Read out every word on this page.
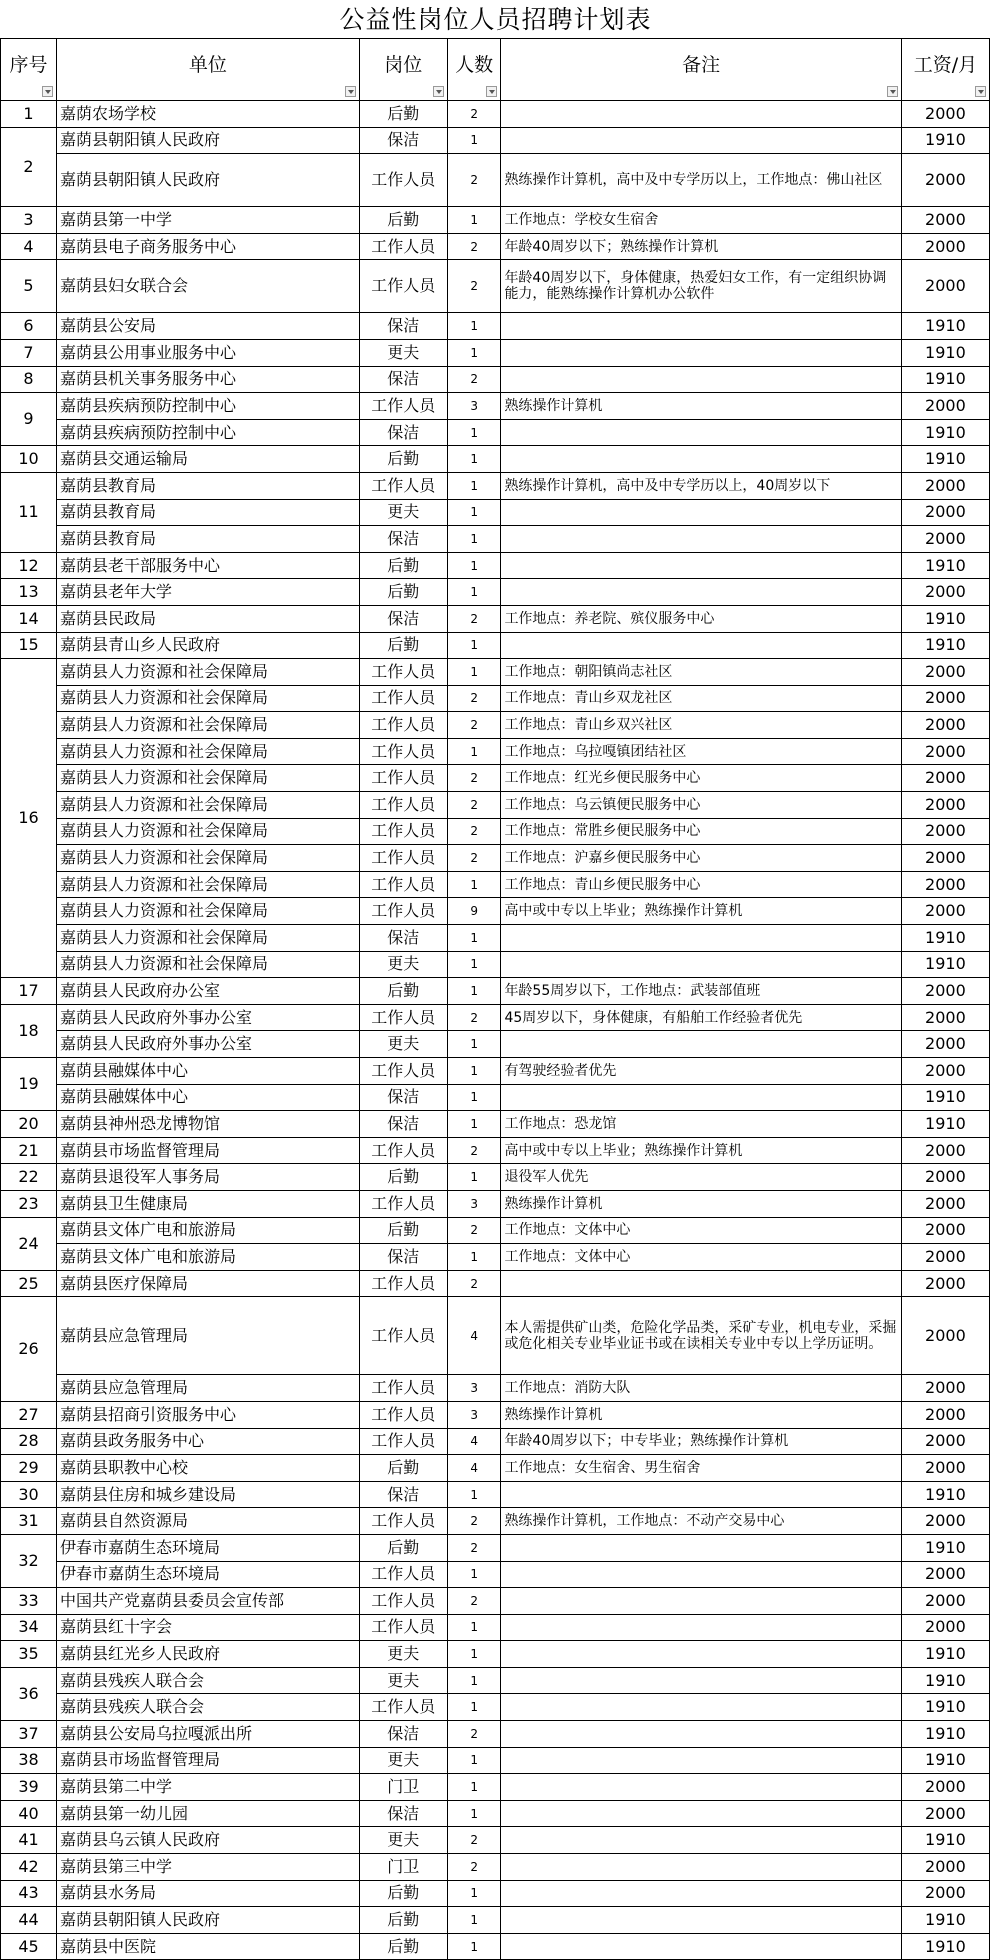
公益性岗位人员招聘计划表
序号	单位	岗位	人数	备注	工资/月

1	嘉荫农场学校	后勤	2		2000
2	嘉荫县朝阳镇人民政府	保洁	1		1910
	嘉荫县朝阳镇人民政府	工作人员	2	熟练操作计算机，高中及中专学历以上，工作地点：佛山社区	2000
3	嘉荫县第一中学	后勤	1	工作地点：学校女生宿舍	2000
4	嘉荫县电子商务服务中心	工作人员	2	年龄40周岁以下；熟练操作计算机	2000
5	嘉荫县妇女联合会	工作人员	2	年龄40周岁以下，身体健康，热爱妇女工作，有一定组织协调能力，能熟练操作计算机办公软件	2000
6	嘉荫县公安局	保洁	1		1910
7	嘉荫县公用事业服务中心	更夫	1		1910
8	嘉荫县机关事务服务中心	保洁	2		1910
9	嘉荫县疾病预防控制中心	工作人员	3	熟练操作计算机	2000
	嘉荫县疾病预防控制中心	保洁	1		1910
10	嘉荫县交通运输局	后勤	1		1910
11	嘉荫县教育局	工作人员	1	熟练操作计算机，高中及中专学历以上，40周岁以下	2000
	嘉荫县教育局	更夫	1		2000
	嘉荫县教育局	保洁	1		2000
12	嘉荫县老干部服务中心	后勤	1		1910
13	嘉荫县老年大学	后勤	1		2000
14	嘉荫县民政局	保洁	2	工作地点：养老院、殡仪服务中心	1910
15	嘉荫县青山乡人民政府	后勤	1		1910
16	嘉荫县人力资源和社会保障局	工作人员	1	工作地点：朝阳镇尚志社区	2000
	嘉荫县人力资源和社会保障局	工作人员	2	工作地点：青山乡双龙社区	2000
	嘉荫县人力资源和社会保障局	工作人员	2	工作地点：青山乡双兴社区	2000
	嘉荫县人力资源和社会保障局	工作人员	1	工作地点：乌拉嘎镇团结社区	2000
	嘉荫县人力资源和社会保障局	工作人员	2	工作地点：红光乡便民服务中心	2000
	嘉荫县人力资源和社会保障局	工作人员	2	工作地点：乌云镇便民服务中心	2000
	嘉荫县人力资源和社会保障局	工作人员	2	工作地点：常胜乡便民服务中心	2000
	嘉荫县人力资源和社会保障局	工作人员	2	工作地点：沪嘉乡便民服务中心	2000
	嘉荫县人力资源和社会保障局	工作人员	1	工作地点：青山乡便民服务中心	2000
	嘉荫县人力资源和社会保障局	工作人员	9	高中或中专以上毕业；熟练操作计算机	2000
	嘉荫县人力资源和社会保障局	保洁	1		1910
	嘉荫县人力资源和社会保障局	更夫	1		1910
17	嘉荫县人民政府办公室	后勤	1	年龄55周岁以下，工作地点：武装部值班	2000
18	嘉荫县人民政府外事办公室	工作人员	2	45周岁以下，身体健康，有船舶工作经验者优先	2000
	嘉荫县人民政府外事办公室	更夫	1		2000
19	嘉荫县融媒体中心	工作人员	1	有驾驶经验者优先	2000
	嘉荫县融媒体中心	保洁	1		1910
20	嘉荫县神州恐龙博物馆	保洁	1	工作地点：恐龙馆	1910
21	嘉荫县市场监督管理局	工作人员	2	高中或中专以上毕业；熟练操作计算机	2000
22	嘉荫县退役军人事务局	后勤	1	退役军人优先	2000
23	嘉荫县卫生健康局	工作人员	3	熟练操作计算机	2000
24	嘉荫县文体广电和旅游局	后勤	2	工作地点：文体中心	2000
	嘉荫县文体广电和旅游局	保洁	1	工作地点：文体中心	2000
25	嘉荫县医疗保障局	工作人员	2		2000
26	嘉荫县应急管理局	工作人员	4	本人需提供矿山类，危险化学品类，采矿专业，机电专业，采掘或危化相关专业毕业证书或在读相关专业中专以上学历证明。	2000
	嘉荫县应急管理局	工作人员	3	工作地点：消防大队	2000
27	嘉荫县招商引资服务中心	工作人员	3	熟练操作计算机	2000
28	嘉荫县政务服务中心	工作人员	4	年龄40周岁以下；中专毕业；熟练操作计算机	2000
29	嘉荫县职教中心校	后勤	4	工作地点：女生宿舍、男生宿舍	2000
30	嘉荫县住房和城乡建设局	保洁	1		1910
31	嘉荫县自然资源局	工作人员	2	熟练操作计算机，工作地点：不动产交易中心	2000
32	伊春市嘉荫生态环境局	后勤	2		1910
	伊春市嘉荫生态环境局	工作人员	1		2000
33	中国共产党嘉荫县委员会宣传部	工作人员	2		2000
34	嘉荫县红十字会	工作人员	1		2000
35	嘉荫县红光乡人民政府	更夫	1		1910
36	嘉荫县残疾人联合会	更夫	1		1910
	嘉荫县残疾人联合会	工作人员	1		1910
37	嘉荫县公安局乌拉嘎派出所	保洁	2		1910
38	嘉荫县市场监督管理局	更夫	1		1910
39	嘉荫县第二中学	门卫	1		2000
40	嘉荫县第一幼儿园	保洁	1		2000
41	嘉荫县乌云镇人民政府	更夫	2		1910
42	嘉荫县第三中学	门卫	2		2000
43	嘉荫县水务局	后勤	1		2000
44	嘉荫县朝阳镇人民政府	后勤	1		1910
45	嘉荫县中医院	后勤	1		1910
